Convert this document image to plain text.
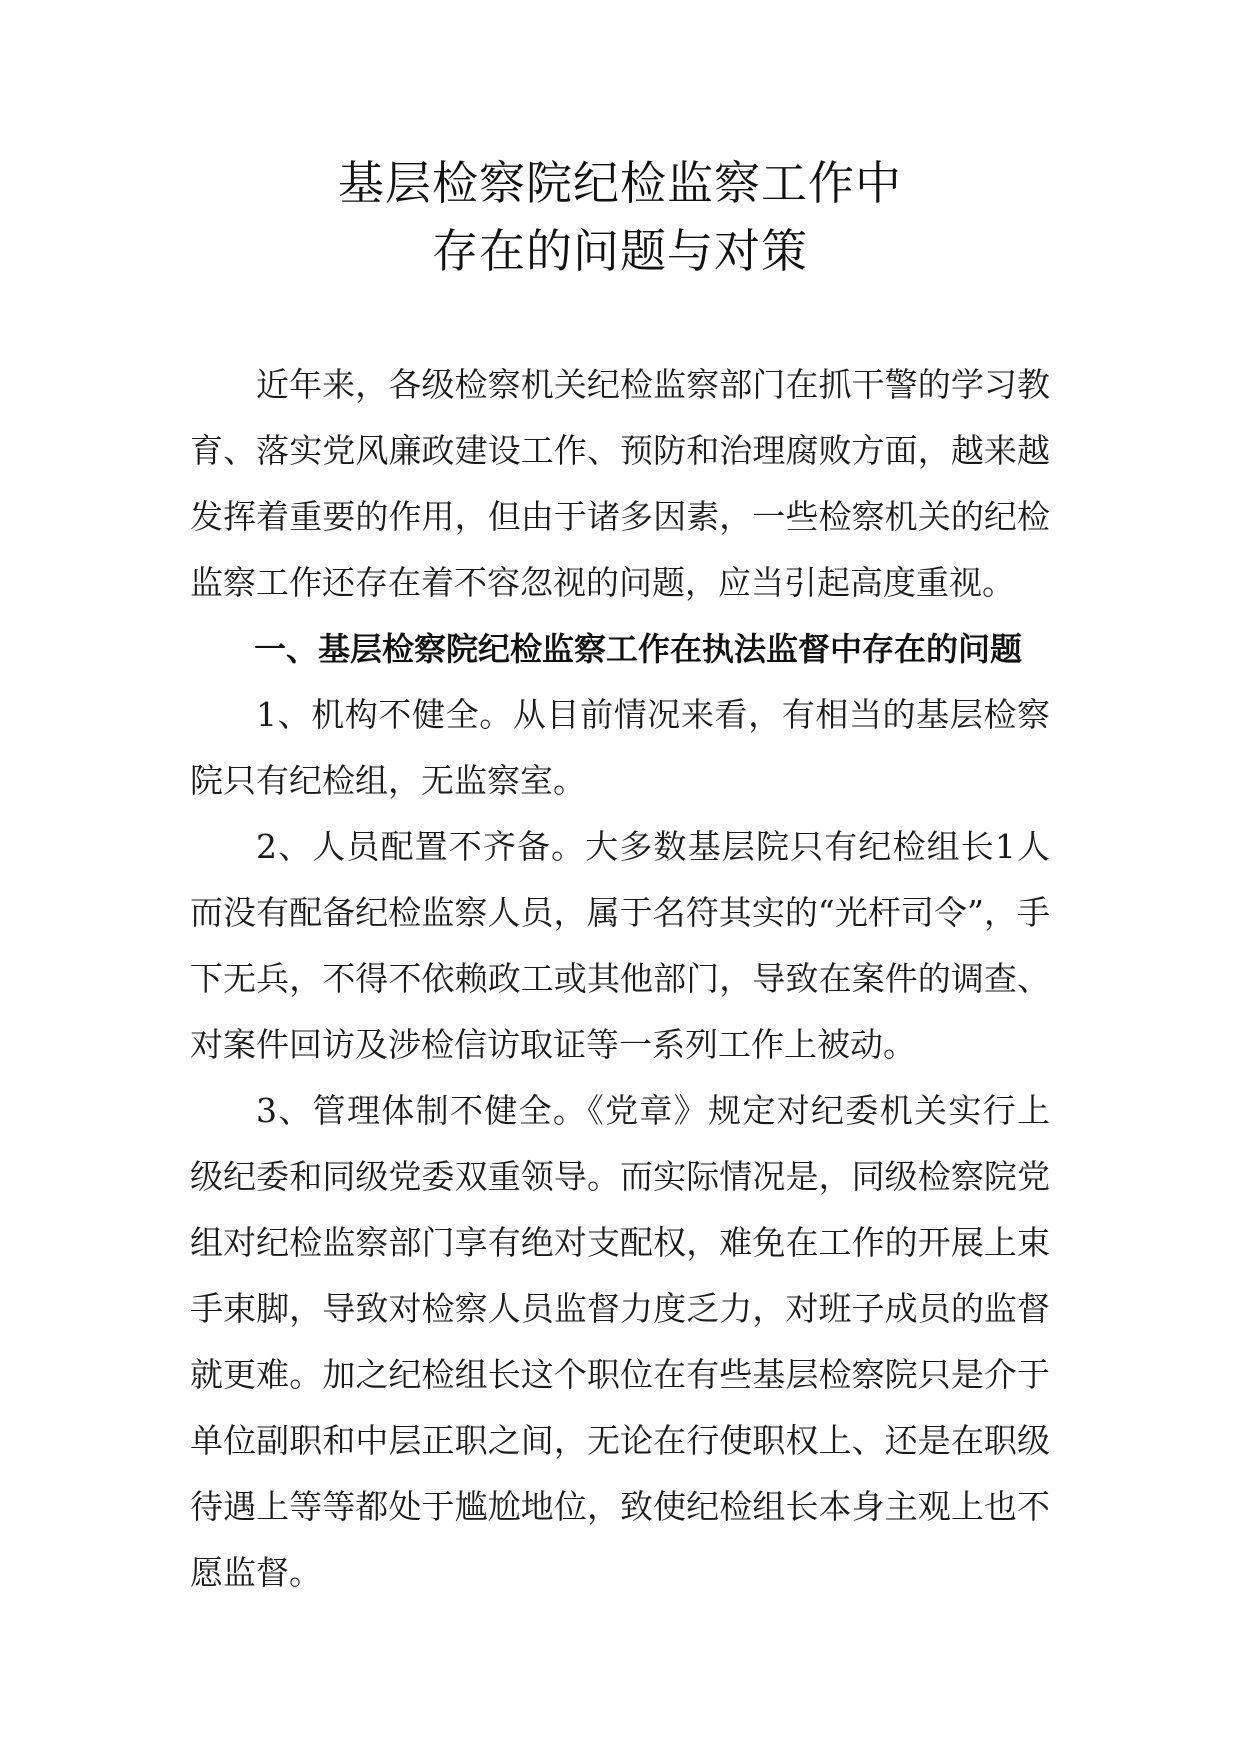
基层检察院纪检监察工作中
存在的问题与对策

近年来，各级检察机关纪检监察部门在抓干警的学习教育、落实党风廉政建设工作、预防和治理腐败方面，越来越发挥着重要的作用，但由于诸多因素，一些检察机关的纪检监察工作还存在着不容忽视的问题，应当引起高度重视。

一、基层检察院纪检监察工作在执法监督中存在的问题

1、机构不健全。从目前情况来看，有相当的基层检察院只有纪检组，无监察室。

2、人员配置不齐备。大多数基层院只有纪检组长1人而没有配备纪检监察人员，属于名符其实的“光杆司令”，手下无兵，不得不依赖政工或其他部门，导致在案件的调查、对案件回访及涉检信访取证等一系列工作上被动。

3、管理体制不健全。《党章》规定对纪委机关实行上级纪委和同级党委双重领导。而实际情况是，同级检察院党组对纪检监察部门享有绝对支配权，难免在工作的开展上束手束脚，导致对检察人员监督力度乏力，对班子成员的监督就更难。加之纪检组长这个职位在有些基层检察院只是介于单位副职和中层正职之间，无论在行使职权上、还是在职级待遇上等等都处于尴尬地位，致使纪检组长本身主观上也不愿监督。
